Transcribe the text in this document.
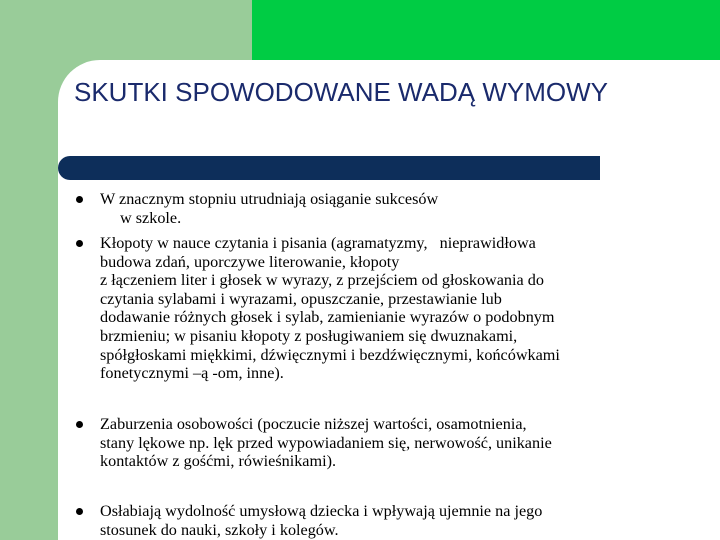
SKUTKI SPOWODOWANE WADĄ WYMOWY
W znacznym stopniu utrudniają osiąganie sukcesów
w szkole.
Kłopoty w nauce czytania i pisania (agramatyzmy,   nieprawidłowa
budowa zdań, uporczywe literowanie, kłopoty
z łączeniem liter i głosek w wyrazy, z przejściem od głoskowania do
czytania sylabami i wyrazami, opuszczanie, przestawianie lub
dodawanie różnych głosek i sylab, zamienianie wyrazów o podobnym
brzmieniu; w pisaniu kłopoty z posługiwaniem się dwuznakami,
spółgłoskami miękkimi, dźwięcznymi i bezdźwięcznymi, końcówkami
fonetycznymi –ą -om, inne).
Zaburzenia osobowości (poczucie niższej wartości, osamotnienia,
stany lękowe np. lęk przed wypowiadaniem się, nerwowość, unikanie
kontaktów z gośćmi, rówieśnikami).
Osłabiają wydolność umysłową dziecka i wpływają ujemnie na jego
stosunek do nauki, szkoły i kolegów.
